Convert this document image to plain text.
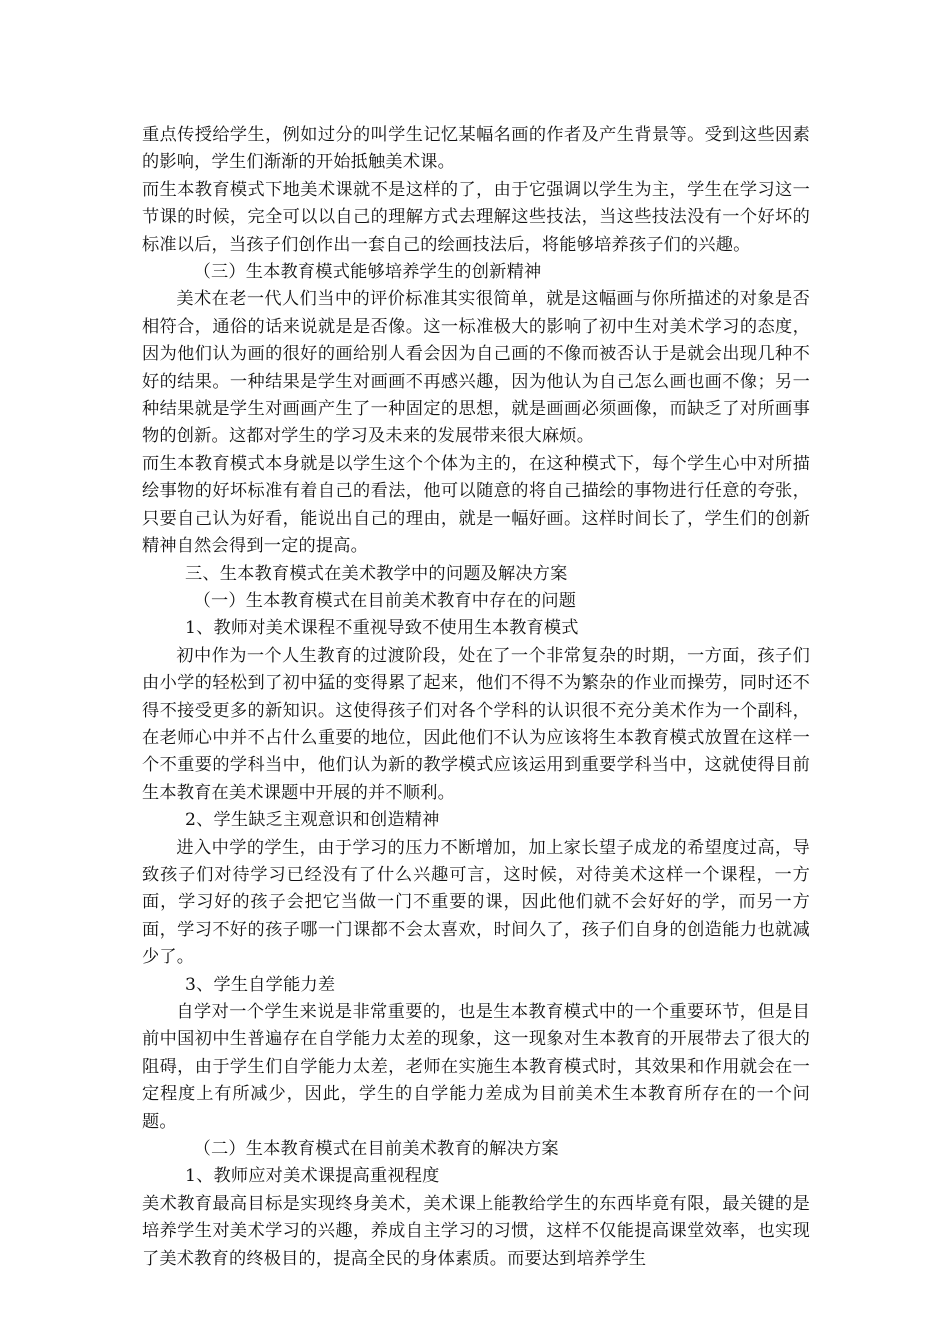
重点传授给学生，例如过分的叫学生记忆某幅名画的作者及产生背景等。受到这些因素的影响，学生们渐渐的开始抵触美术课。

而生本教育模式下地美术课就不是这样的了，由于它强调以学生为主，学生在学习这一节课的时候，完全可以以自己的理解方式去理解这些技法，当这些技法没有一个好坏的标准以后，当孩子们创作出一套自己的绘画技法后，将能够培养孩子们的兴趣。

（三）生本教育模式能够培养学生的创新精神

美术在老一代人们当中的评价标准其实很简单，就是这幅画与你所描述的对象是否相符合，通俗的话来说就是是否像。这一标准极大的影响了初中生对美术学习的态度，因为他们认为画的很好的画给别人看会因为自己画的不像而被否认于是就会出现几种不好的结果。一种结果是学生对画画不再感兴趣，因为他认为自己怎么画也画不像；另一种结果就是学生对画画产生了一种固定的思想，就是画画必须画像，而缺乏了对所画事物的创新。这都对学生的学习及未来的发展带来很大麻烦。

而生本教育模式本身就是以学生这个个体为主的，在这种模式下，每个学生心中对所描绘事物的好坏标准有着自己的看法，他可以随意的将自己描绘的事物进行任意的夸张，只要自己认为好看，能说出自己的理由，就是一幅好画。这样时间长了，学生们的创新精神自然会得到一定的提高。

三、生本教育模式在美术教学中的问题及解决方案

（一）生本教育模式在目前美术教育中存在的问题

1、教师对美术课程不重视导致不使用生本教育模式

初中作为一个人生教育的过渡阶段，处在了一个非常复杂的时期，一方面，孩子们由小学的轻松到了初中猛的变得累了起来，他们不得不为繁杂的作业而操劳，同时还不得不接受更多的新知识。这使得孩子们对各个学科的认识很不充分美术作为一个副科，在老师心中并不占什么重要的地位，因此他们不认为应该将生本教育模式放置在这样一个不重要的学科当中，他们认为新的教学模式应该运用到重要学科当中，这就使得目前生本教育在美术课题中开展的并不顺利。

2、学生缺乏主观意识和创造精神

进入中学的学生，由于学习的压力不断增加，加上家长望子成龙的希望度过高，导致孩子们对待学习已经没有了什么兴趣可言，这时候，对待美术这样一个课程，一方面，学习好的孩子会把它当做一门不重要的课，因此他们就不会好好的学，而另一方面，学习不好的孩子哪一门课都不会太喜欢，时间久了，孩子们自身的创造能力也就减少了。

3、学生自学能力差

自学对一个学生来说是非常重要的，也是生本教育模式中的一个重要环节，但是目前中国初中生普遍存在自学能力太差的现象，这一现象对生本教育的开展带去了很大的阻碍，由于学生们自学能力太差，老师在实施生本教育模式时，其效果和作用就会在一定程度上有所减少，因此，学生的自学能力差成为目前美术生本教育所存在的一个问题。

（二）生本教育模式在目前美术教育的解决方案

1、教师应对美术课提高重视程度

美术教育最高目标是实现终身美术，美术课上能教给学生的东西毕竟有限，最关键的是培养学生对美术学习的兴趣，养成自主学习的习惯，这样不仅能提高课堂效率，也实现了美术教育的终极目的，提高全民的身体素质。而要达到培养学生
